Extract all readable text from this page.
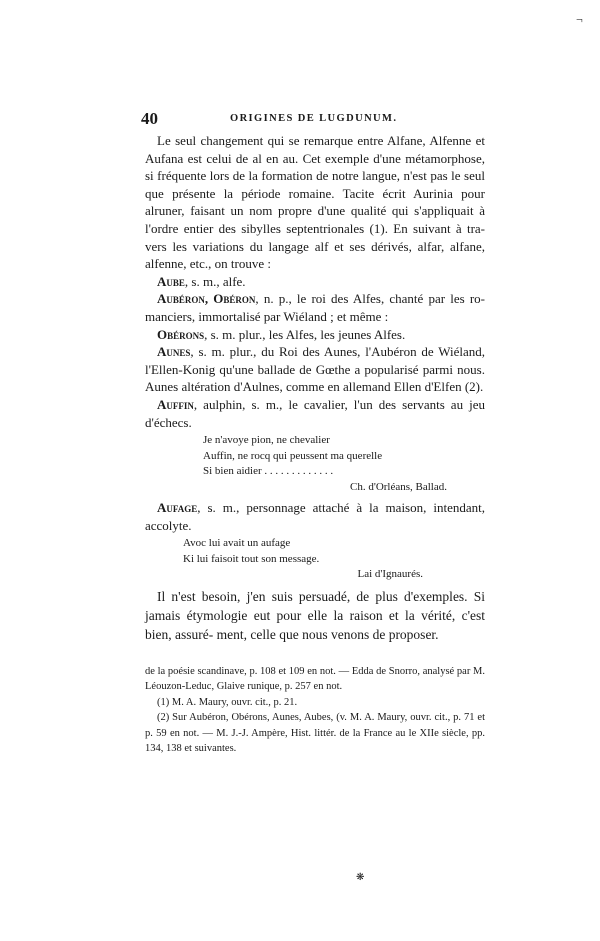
¬
40	ORIGINES DE LUGDUNUM.

Le seul changement qui se remarque entre Alfane, Alfenne et Aufana est celui de al en au. Cet exemple d'une métamorphose, si fréquente lors de la formation de notre langue, n'est pas le seul que présente la période romaine. Tacite écrit Aurinia pour alruner, faisant un nom propre d'une qualité qui s'appliquait à l'ordre entier des sibylles septentrionales (1). En suivant à tra- vers les variations du langage alf et ses dérivés, alfar, alfane, alfenne, etc., on trouve :

Aube, s. m., alfe.

Aubéron, Obéron, n. p., le roi des Alfes, chanté par les ro- manciers, immortalisé par Wiéland ; et même :

Obérons, s. m. plur., les Alfes, les jeunes Alfes.

Aunes, s. m. plur., du Roi des Aunes, l'Aubéron de Wiéland, l'Ellen-Konig qu'une ballade de Gœthe a popularisé parmi nous. Aunes altération d'Aulnes, comme en allemand Ellen d'Elfen (2).

Auffin, aulphin, s. m., le cavalier, l'un des servants au jeu d'échecs.

Je n'avoye pion, ne chevalier
Auffin, ne rocq qui peussent ma querelle
Si bien aidier . . . . . . . . . . . . .
Ch. d'Orléans, Ballad.

Aufage, s. m., personnage attaché à la maison, intendant, accolyte.

Avoc lui avait un aufage
Ki lui faisoit tout son message.
Lai d'Ignaurés.

Il n'est besoin, j'en suis persuadé, de plus d'exemples. Si jamais étymologie eut pour elle la raison et la vérité, c'est bien, assuré- ment, celle que nous venons de proposer.

de la poésie scandinave, p. 108 et 109 en not. — Edda de Snorro, analysé par M. Léouzon-Leduc, Glaive runique, p. 257 en not.

(1) M. A. Maury, ouvr. cit., p. 21.

(2) Sur Aubéron, Obérons, Aunes, Aubes, (v. M. A. Maury, ouvr. cit., p. 71 et p. 59 en not. — M. J.-J. Ampère, Hist. littér. de la France au le XIIe siècle, pp. 134, 138 et suivantes.

❋
